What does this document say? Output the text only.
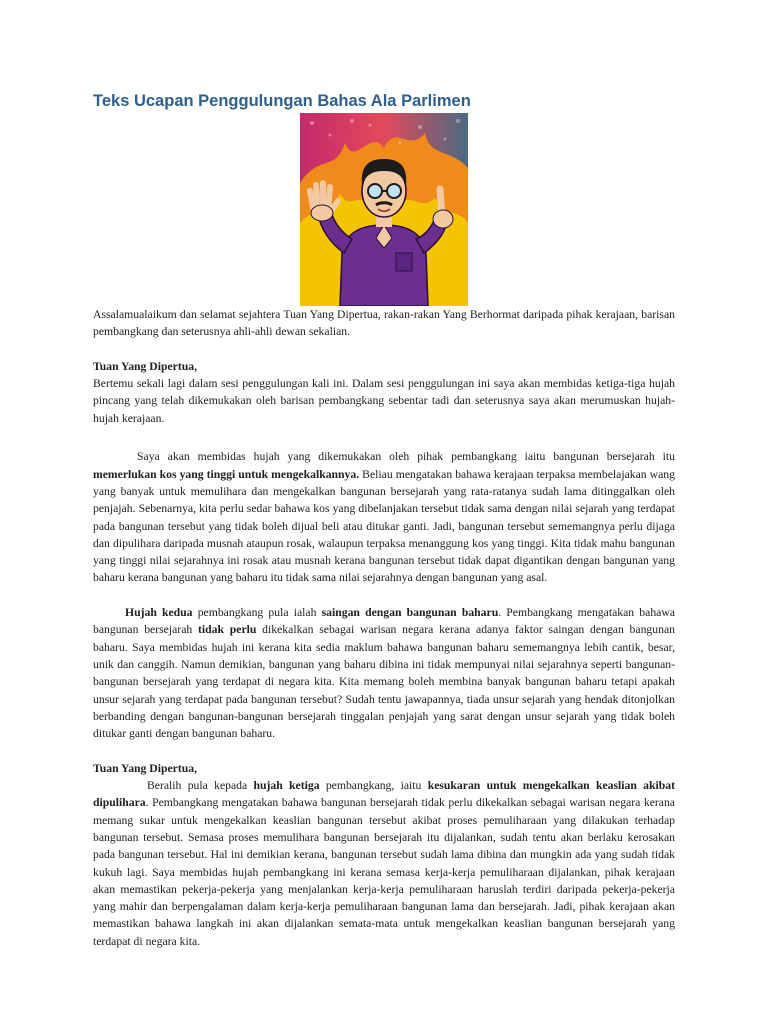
Teks Ucapan Penggulungan Bahas Ala Parlimen

Assalamualaikum dan selamat sejahtera Tuan Yang Dipertua, rakan-rakan Yang Berhormat daripada pihak kerajaan, barisan pembangkang dan seterusnya ahli-ahli dewan sekalian.

Tuan Yang Dipertua,

Bertemu sekali lagi dalam sesi penggulungan kali ini. Dalam sesi penggulungan ini saya akan membidas ketiga-tiga hujah pincang yang telah dikemukakan oleh barisan pembangkang sebentar tadi dan seterusnya saya akan merumuskan hujah-hujah kerajaan.

Saya akan membidas hujah yang dikemukakan oleh pihak pembangkang iaitu bangunan bersejarah itu memerlukan kos yang tinggi untuk mengekalkannya. Beliau mengatakan bahawa kerajaan terpaksa membelajakan wang yang banyak untuk memulihara dan mengekalkan bangunan bersejarah yang rata-ratanya sudah lama ditinggalkan oleh penjajah. Sebenarnya, kita perlu sedar bahawa kos yang dibelanjakan tersebut tidak sama dengan nilai sejarah yang terdapat pada bangunan tersebut yang tidak boleh dijual beli atau ditukar ganti. Jadi, bangunan tersebut sememangnya perlu dijaga dan dipulihara daripada musnah ataupun rosak, walaupun terpaksa menanggung kos yang tinggi. Kita tidak mahu bangunan yang tinggi nilai sejarahnya ini rosak atau musnah kerana bangunan tersebut tidak dapat digantikan dengan bangunan yang baharu kerana bangunan yang baharu itu tidak sama nilai sejarahnya dengan bangunan yang asal.

Hujah kedua pembangkang pula ialah saingan dengan bangunan baharu. Pembangkang mengatakan bahawa bangunan bersejarah tidak perlu dikekalkan sebagai warisan negara kerana adanya faktor saingan dengan bangunan baharu. Saya membidas hujah ini kerana kita sedia maklum bahawa bangunan baharu sememangnya lebih cantik, besar, unik dan canggih. Namun demikian, bangunan yang baharu dibina ini tidak mempunyai nilai sejarahnya seperti bangunan-bangunan bersejarah yang terdapat di negara kita. Kita memang boleh membina banyak bangunan baharu tetapi apakah unsur sejarah yang terdapat pada bangunan tersebut? Sudah tentu jawapannya, tiada unsur sejarah yang hendak ditonjolkan berbanding dengan bangunan-bangunan bersejarah tinggalan penjajah yang sarat dengan unsur sejarah yang tidak boleh ditukar ganti dengan bangunan baharu.

Tuan Yang Dipertua,

Beralih pula kepada hujah ketiga pembangkang, iaitu kesukaran untuk mengekalkan keaslian akibat dipulihara. Pembangkang mengatakan bahawa bangunan bersejarah tidak perlu dikekalkan sebagai warisan negara kerana memang sukar untuk mengekalkan keaslian bangunan tersebut akibat proses pemuliharaan yang dilakukan terhadap bangunan tersebut. Semasa proses memulihara bangunan bersejarah itu dijalankan, sudah tentu akan berlaku kerosakan pada bangunan tersebut. Hal ini demikian kerana, bangunan tersebut sudah lama dibina dan mungkin ada yang sudah tidak kukuh lagi. Saya membidas hujah pembangkang ini kerana semasa kerja-kerja pemuliharaan dijalankan, pihak kerajaan akan memastikan pekerja-pekerja yang menjalankan kerja-kerja pemuliharaan haruslah terdiri daripada pekerja-pekerja yang mahir dan berpengalaman dalam kerja-kerja pemuliharaan bangunan lama dan bersejarah. Jadi, pihak kerajaan akan memastikan bahawa langkah ini akan dijalankan semata-mata untuk mengekalkan keaslian bangunan bersejarah yang terdapat di negara kita.
